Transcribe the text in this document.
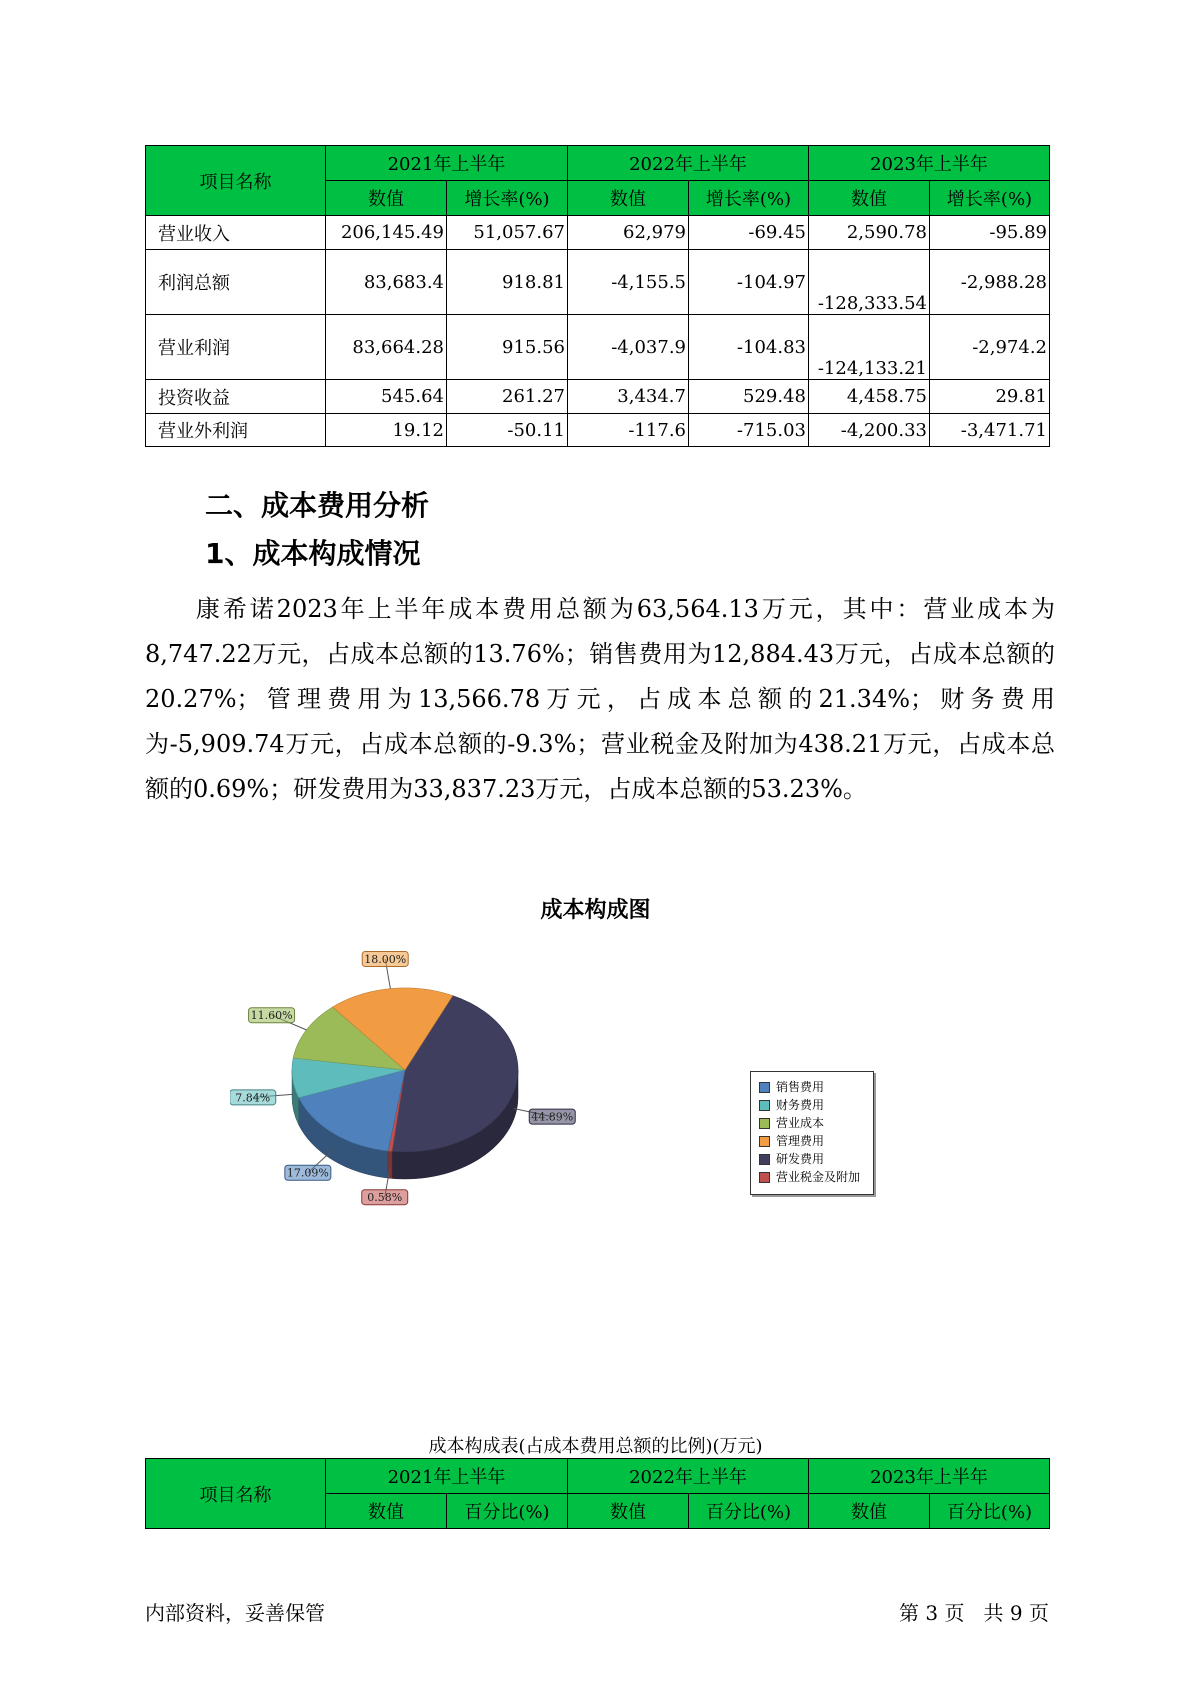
项目名称	2021年上半年		2022年上半年		2023年上半年	
	数值	增长率(%)	数值	增长率(%)	数值	增长率(%)
营业收入	206,145.49	51,057.67	62,979	-69.45	2,590.78	-95.89
利润总额	83,683.4	918.81	-4,155.5	-104.97	-128,333.54	-2,988.28
营业利润	83,664.28	915.56	-4,037.9	-104.83	-124,133.21	-2,974.2
投资收益	545.64	261.27	3,434.7	529.48	4,458.75	29.81
营业外利润	19.12	-50.11	-117.6	-715.03	-4,200.33	-3,471.71
二、成本费用分析
1、成本构成情况

康希诺2023年上半年成本费用总额为63,564.13万元，其中：营业成本为8,747.22万元，占成本总额的13.76%；销售费用为12,884.43万元，占成本总额的20.27%；管理费用为13,566.78万元，占成本总额的21.34%；财务费用为-5,909.74万元，占成本总额的-9.3%；营业税金及附加为438.21万元，占成本总额的0.69%；研发费用为33,837.23万元，占成本总额的53.23%。

成本构成图
44.89%
0.58%
17.09%
7.84%
11.60%
18.00%
销售费用
财务费用
营业成本
管理费用
研发费用
营业税金及附加

成本构成表(占成本费用总额的比例)(万元)

项目名称	2021年上半年		2022年上半年		2023年上半年	
	数值	百分比(%)	数值	百分比(%)	数值	百分比(%)
内部资料，妥善保管	第 3 页   共 9 页
